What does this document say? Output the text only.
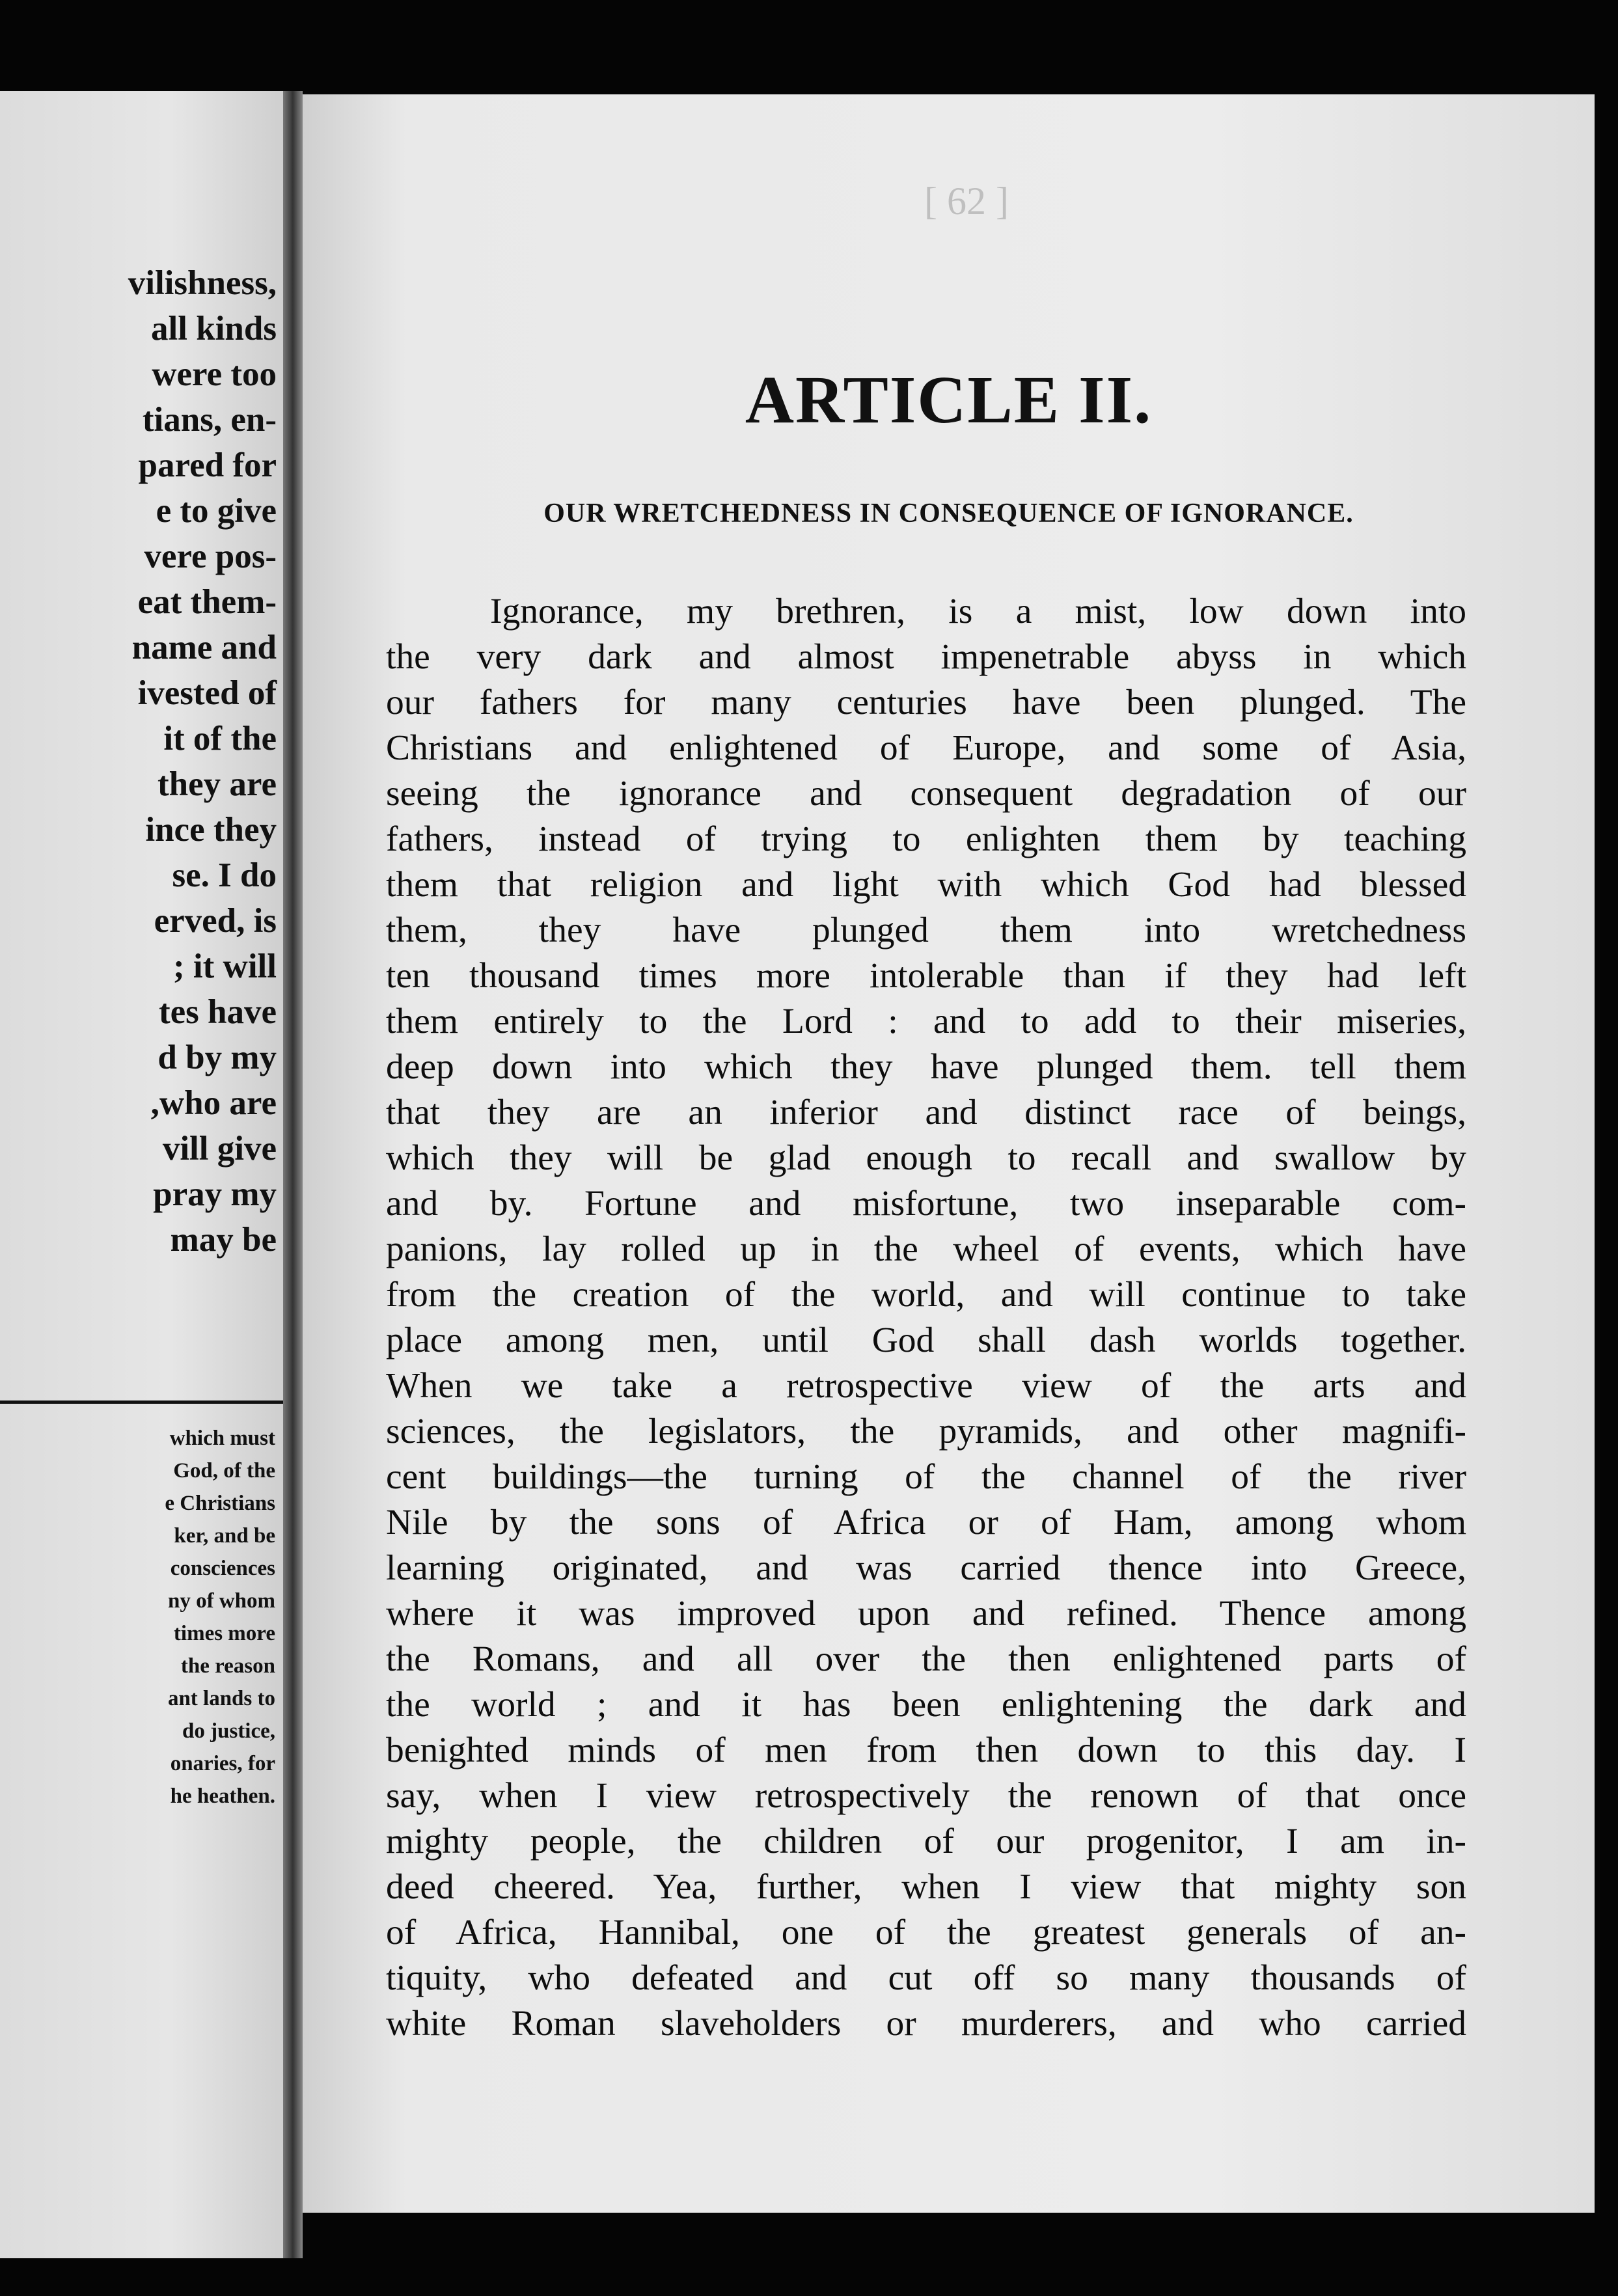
vilishness,
all kinds
were too
tians, en-
pared for
e to give
vere pos-
eat them-
name and
ivested of
it of the
they are
ince they
se. I do
erved, is
; it will
tes have
d by my
,who are
vill give
pray my
may be
which must
God, of the
e Christians
ker, and be
consciences
ny of whom
times more
the reason
ant lands to
do justice,
onaries, for
he heathen.
[ 62 ]
ARTICLE II.
OUR WRETCHEDNESS IN CONSEQUENCE OF IGNORANCE.
Ignorance, my brethren, is a mist, low down into
the very dark and almost impenetrable abyss in which
our fathers for many centuries have been plunged. The
Christians and enlightened of Europe, and some of Asia,
seeing the ignorance and consequent degradation of our
fathers, instead of trying to enlighten them by teaching
them that religion and light with which God had blessed
them, they have plunged them into wretchedness
ten thousand times more intolerable than if they had left
them entirely to the Lord : and to add to their miseries,
deep down into which they have plunged them. tell them
that they are an inferior and distinct race of beings,
which they will be glad enough to recall and swallow by
and by. Fortune and misfortune, two inseparable com-
panions, lay rolled up in the wheel of events, which have
from the creation of the world, and will continue to take
place among men, until God shall dash worlds together.
When we take a retrospective view of the arts and
sciences, the legislators, the pyramids, and other magnifi-
cent buildings—the turning of the channel of the river
Nile by the sons of Africa or of Ham, among whom
learning originated, and was carried thence into Greece,
where it was improved upon and refined. Thence among
the Romans, and all over the then enlightened parts of
the world ; and it has been enlightening the dark and
benighted minds of men from then down to this day. I
say, when I view retrospectively the renown of that once
mighty people, the children of our progenitor, I am in-
deed cheered. Yea, further, when I view that mighty son
of Africa, Hannibal, one of the greatest generals of an-
tiquity, who defeated and cut off so many thousands of
white Roman slaveholders or murderers, and who carried
